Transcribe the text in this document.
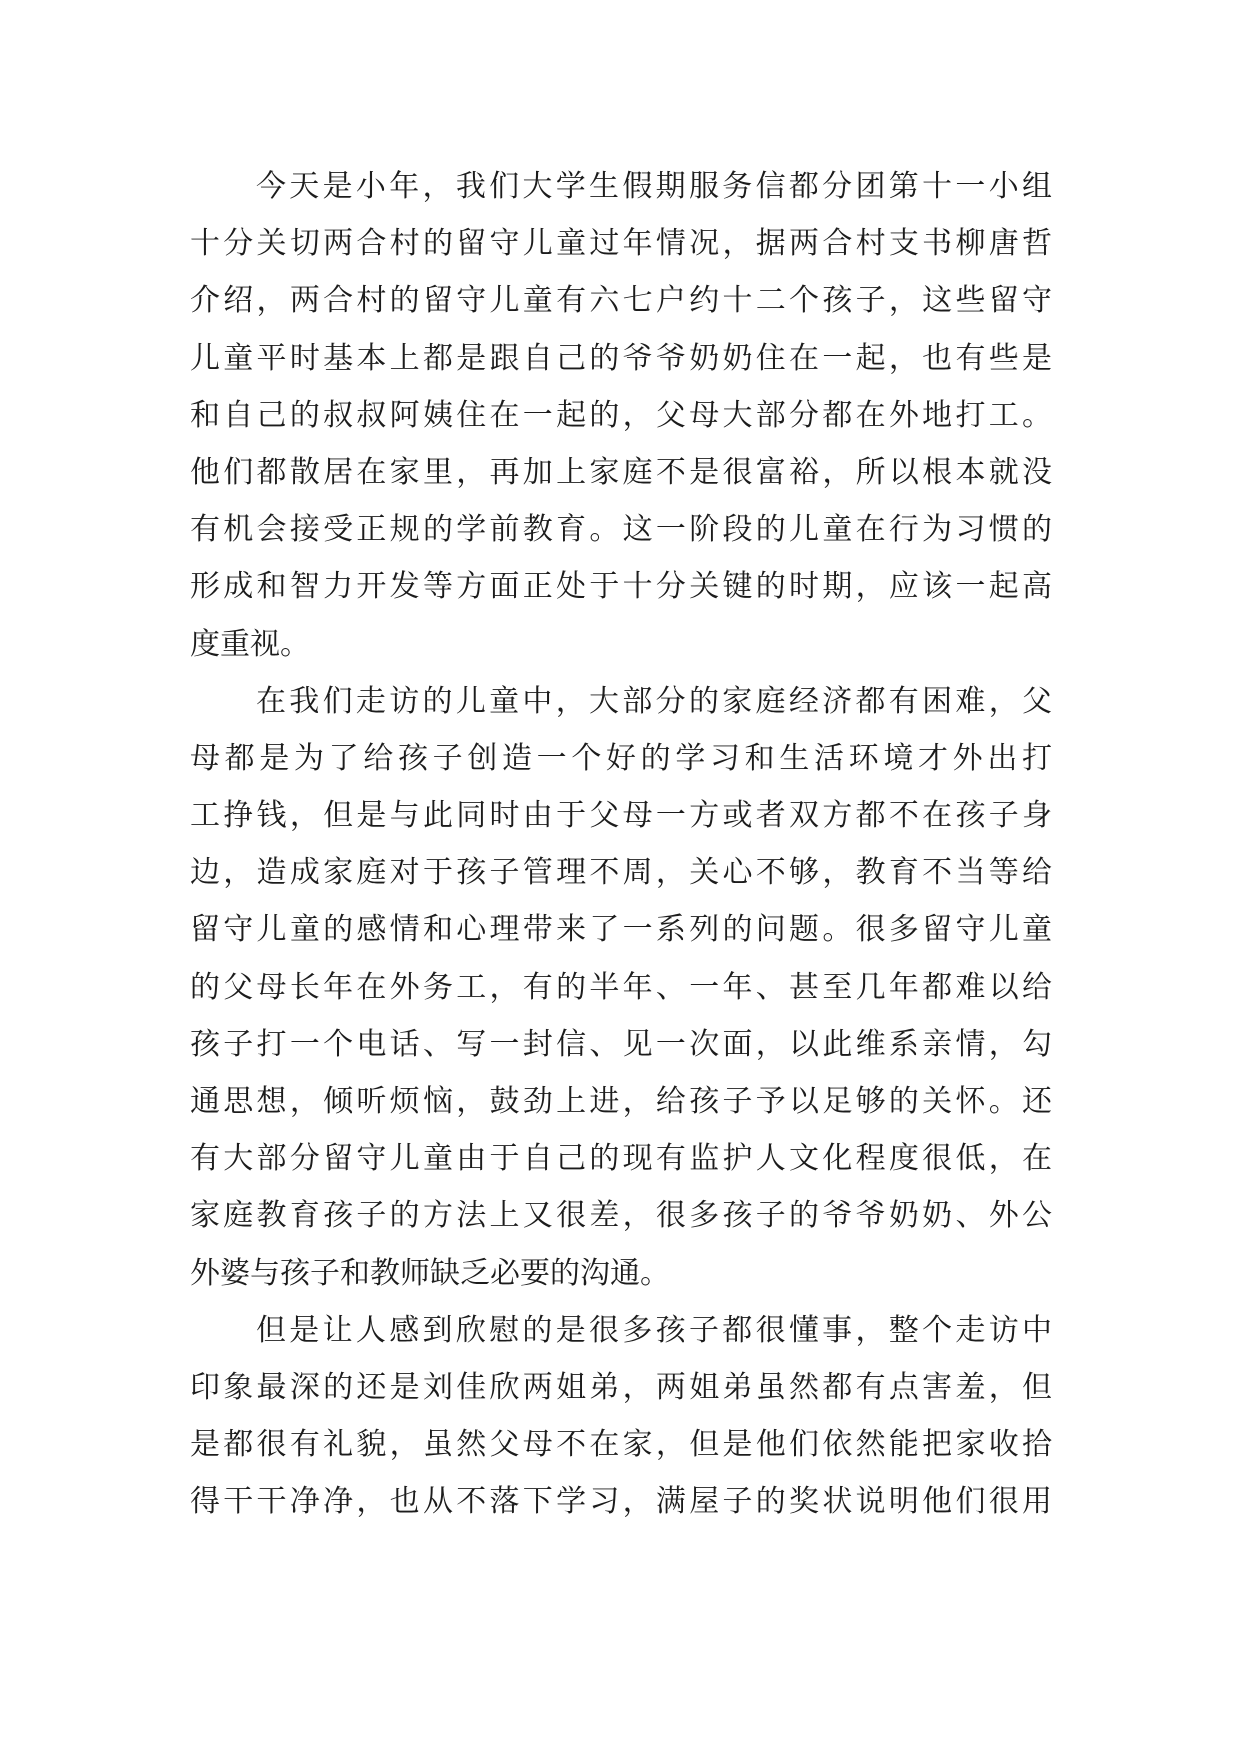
今天是小年，我们大学生假期服务信都分团第十一小组
十分关切两合村的留守儿童过年情况，据两合村支书柳唐哲
介绍，两合村的留守儿童有六七户约十二个孩子，这些留守
儿童平时基本上都是跟自己的爷爷奶奶住在一起，也有些是
和自己的叔叔阿姨住在一起的，父母大部分都在外地打工。
他们都散居在家里，再加上家庭不是很富裕，所以根本就没
有机会接受正规的学前教育。这一阶段的儿童在行为习惯的
形成和智力开发等方面正处于十分关键的时期，应该一起高
度重视。
在我们走访的儿童中，大部分的家庭经济都有困难，父
母都是为了给孩子创造一个好的学习和生活环境才外出打
工挣钱，但是与此同时由于父母一方或者双方都不在孩子身
边，造成家庭对于孩子管理不周，关心不够，教育不当等给
留守儿童的感情和心理带来了一系列的问题。很多留守儿童
的父母长年在外务工，有的半年、一年、甚至几年都难以给
孩子打一个电话、写一封信、见一次面，以此维系亲情，勾
通思想，倾听烦恼，鼓劲上进，给孩子予以足够的关怀。还
有大部分留守儿童由于自己的现有监护人文化程度很低，在
家庭教育孩子的方法上又很差，很多孩子的爷爷奶奶、外公
外婆与孩子和教师缺乏必要的沟通。
但是让人感到欣慰的是很多孩子都很懂事，整个走访中
印象最深的还是刘佳欣两姐弟，两姐弟虽然都有点害羞，但
是都很有礼貌，虽然父母不在家，但是他们依然能把家收拾
得干干净净，也从不落下学习，满屋子的奖状说明他们很用
